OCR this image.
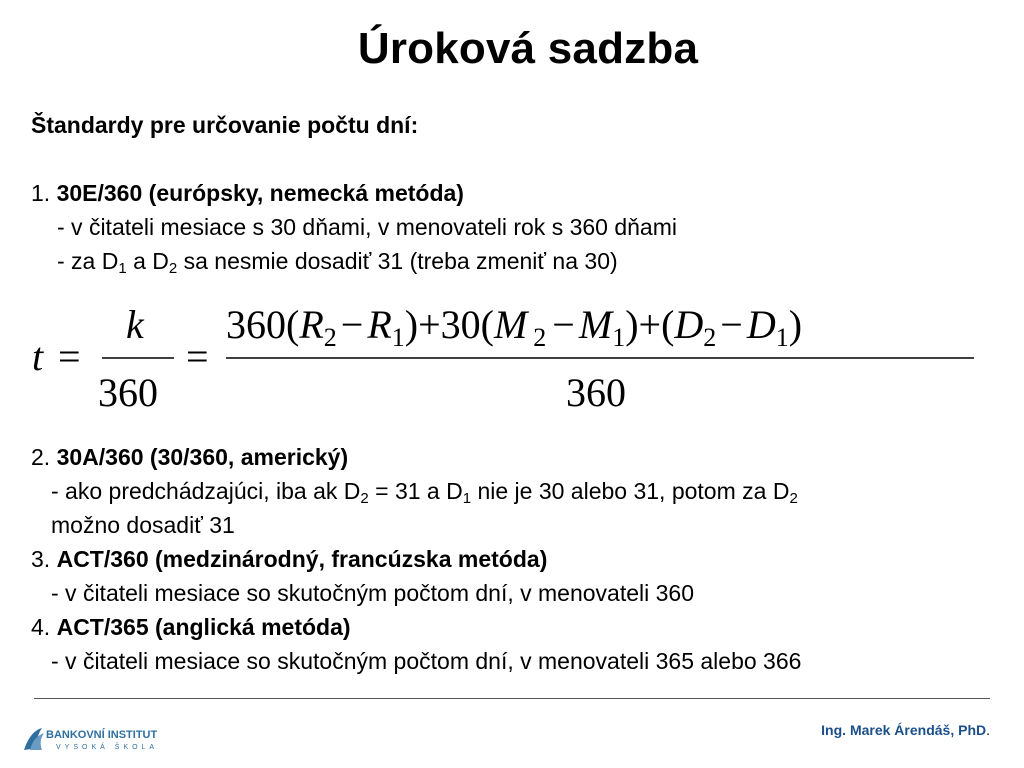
Úroková sadzba
Štandardy pre určovanie počtu dní:
1. 30E/360 (európsky, nemecká metóda)
- v čitateli mesiace s 30 dňami, v menovateli rok s 360 dňami
- za $D_1$ a $D_2$ sa nesmie dosadiť 31 (treba zmeniť na 30)
t =
k
360
=
$360(R_2 - R_1)+30(M$ $_2 - M_1)+(D_2 - D_1)$
360
2. 30A/360 (30/360, americký)
- ako predchádzajúci, iba ak $D_2 = 31$ a $D_1$ nie je 30 alebo 31, potom za $D_2$
možno dosadiť 31
3. ACT/360 (medzinárodný, francúzska metóda)
- v čitateli mesiace so skutočným počtom dní, v menovateli 360
4. ACT/365 (anglická metóda)
- v čitateli mesiace so skutočným počtom dní, v menovateli 365 alebo 366
BANKOVNÍ INSTITUT
VYSOKÁ ŠKOLA
Ing. Marek Árendáš, PhD.
